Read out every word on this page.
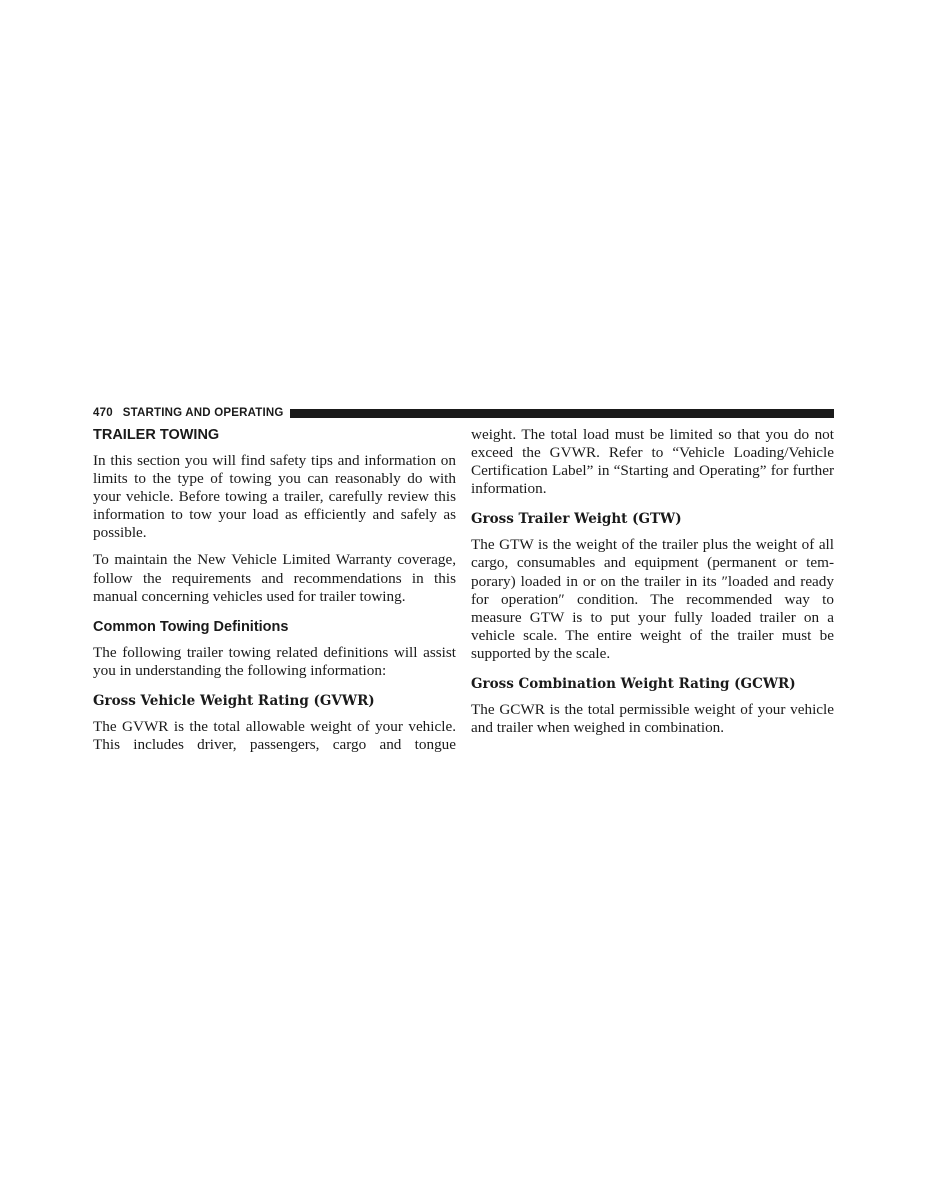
470 STARTING AND OPERATING
TRAILER TOWING

In this section you will find safety tips and information on limits to the type of towing you can reasonably do with your vehicle. Before towing a trailer, carefully review this information to tow your load as efficiently and safely as possible.

To maintain the New Vehicle Limited Warranty coverage, follow the requirements and recommendations in this manual concerning vehicles used for trailer towing.

Common Towing Definitions

The following trailer towing related definitions will assist you in understanding the following information:

Gross Vehicle Weight Rating (GVWR)

The GVWR is the total allowable weight of your vehicle. This includes driver, passengers, cargo and tongue

weight. The total load must be limited so that you do not exceed the GVWR. Refer to “Vehicle Loading/Vehicle Certification Label” in “Starting and Operating” for further information.

Gross Trailer Weight (GTW)

The GTW is the weight of the trailer plus the weight of all cargo, consumables and equipment (permanent or temporary) loaded in or on the trailer in its ″loaded and ready for operation″ condition. The recommended way to measure GTW is to put your fully loaded trailer on a vehicle scale. The entire weight of the trailer must be supported by the scale.

Gross Combination Weight Rating (GCWR)

The GCWR is the total permissible weight of your vehicle and trailer when weighed in combination.
